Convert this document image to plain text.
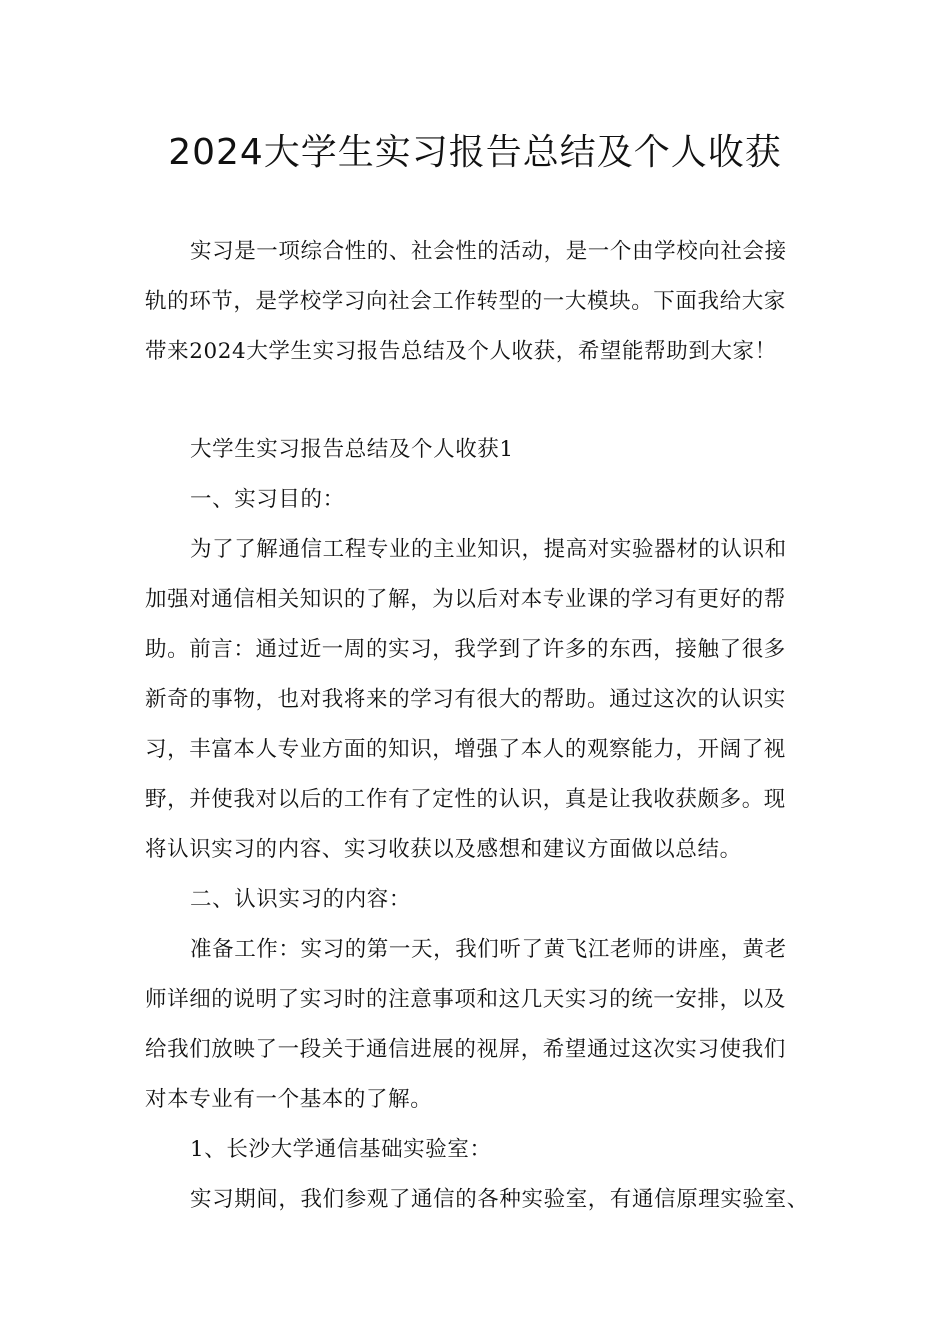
2024大学生实习报告总结及个人收获
实习是一项综合性的、社会性的活动，是一个由学校向社会接
轨的环节，是学校学习向社会工作转型的一大模块。下面我给大家
带来2024大学生实习报告总结及个人收获，希望能帮助到大家！
大学生实习报告总结及个人收获1
一、实习目的：
为了了解通信工程专业的主业知识，提高对实验器材的认识和
加强对通信相关知识的了解，为以后对本专业课的学习有更好的帮
助。前言：通过近一周的实习，我学到了许多的东西，接触了很多
新奇的事物，也对我将来的学习有很大的帮助。通过这次的认识实
习，丰富本人专业方面的知识，增强了本人的观察能力，开阔了视
野，并使我对以后的工作有了定性的认识，真是让我收获颇多。现
将认识实习的内容、实习收获以及感想和建议方面做以总结。
二、认识实习的内容：
准备工作：实习的第一天，我们听了黄飞江老师的讲座，黄老
师详细的说明了实习时的注意事项和这几天实习的统一安排，以及
给我们放映了一段关于通信进展的视屏，希望通过这次实习使我们
对本专业有一个基本的了解。
1、长沙大学通信基础实验室：
实习期间，我们参观了通信的各种实验室，有通信原理实验室、
